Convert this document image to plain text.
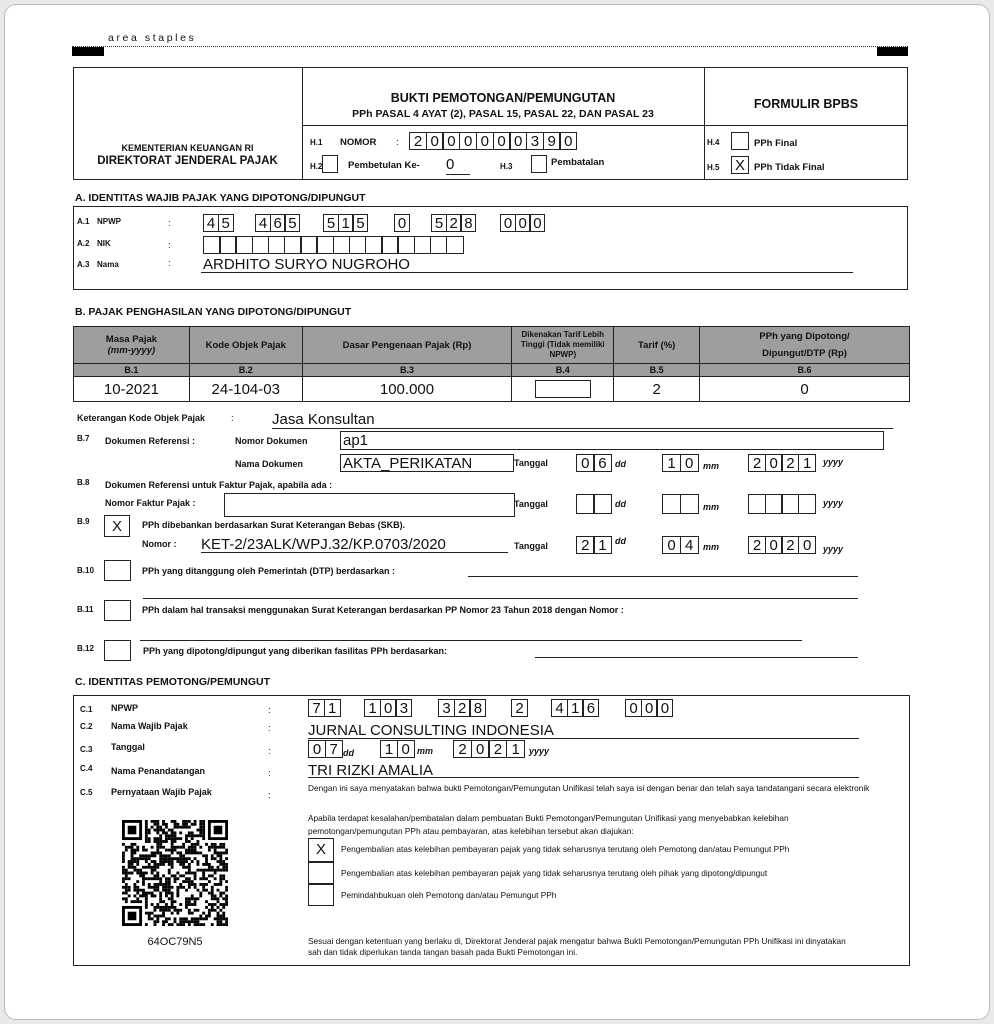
area staples
KEMENTERIAN KEUANGAN RI
DIREKTORAT JENDERAL PAJAK
BUKTI PEMOTONGAN/PEMUNGUTAN
PPh PASAL 4 AYAT (2), PASAL 15, PASAL 22, DAN PASAL 23
FORMULIR BPBS
H.1 NOMOR :	2 0 0 0 0 0 0 3 9 0
H.2	Pembetulan Ke- 0	H.3	Pembatalan
H.4	PPh Final
H.5 X PPh Tidak Final
A. IDENTITAS WAJIB PAJAK YANG DIPOTONG/DIPUNGUT
A.1 NPWP	: 4 5 4 6 5 5 1 5 0 5 2 8 0 0 0
A.2 NIK	:
A.3 Nama	: ARDHITO SURYO NUGROHO
B. PAJAK PENGHASILAN YANG DIPOTONG/DIPUNGUT
Masa Pajak
(mm-yyyy)	Kode Objek Pajak	Dasar Pengenaan Pajak (Rp)	Dikenakan Tarif Lebih Tinggi (Tidak memiliki NPWP)	Tarif (%)	PPh yang Dipotong/ Dipungut/DTP (Rp)
B.1	B.2	B.3	B.4	B.5	B.6
10-2021	24-104-03	100.000		2	0
Keterangan Kode Objek Pajak	:	Jasa Konsultan
B.7 Dokumen Referensi :	Nomor Dokumen ap1
Nama Dokumen	AKTA_PERIKATAN	Tanggal	0 6 dd	1 0	mm	2 0 2 1	yyyy
B.8 Dokumen Referensi untuk Faktur Pajak, apabila ada :
Nomor Faktur Pajak :	Tanggal	dd	mm	yyyy
B.9	X	PPh dibebankan berdasarkan Surat Keterangan Bebas (SKB).
Nomor : KET-2/23ALK/WPJ.32/KP.0703/2020	Tanggal	2 1 dd	0 4	mm	2 0 2 0	yyyy
B.10	PPh yang ditanggung oleh Pemerintah (DTP) berdasarkan :
B.11	PPh dalam hal transaksi menggunakan Surat Keterangan berdasarkan PP Nomor 23 Tahun 2018 dengan Nomor :
B.12	PPh yang dipotong/dipungut yang diberikan fasilitas PPh berdasarkan:
C. IDENTITAS PEMOTONG/PEMUNGUT
C.1 NPWP	:	7 1 1 0 3 3 2 8 2 4 1 6 0 0 0
C.2 Nama Wajib Pajak	: JURNAL CONSULTING INDONESIA
C.3 Tanggal	:	0 7 dd	1 0 mm	2 0 2 1	yyyy
C.4 Nama Penandatangan	: TRI RIZKI AMALIA
C.5 Pernyataan Wajib Pajak	:
Dengan ini saya menyatakan bahwa bukti Pemotongan/Pemungutan Unifikasi telah saya isi dengan benar dan telah saya tandatangani secara elektronik
Apabila terdapat kesalahan/pembatalan dalam pembuatan Bukti Pemotongan/Pemungutan Unifikasi yang menyebabkan kelebihan pemotongan/pemungutan PPh atau pembayaran, atas kelebihan tersebut akan diajukan:
X	Pengembalian atas kelebihan pembayaran pajak yang tidak seharusnya terutang oleh Pemotong dan/atau Pemungut PPh
Pengembalian atas kelebihan pembayaran pajak yang tidak seharusnya terutang oleh pihak yang dipotong/dipungut
Pemindahbukuan oleh Pemotong dan/atau Pemungut PPh
64OC79N5	Sesuai dengan ketentuan yang berlaku di, Direktorat Jenderal pajak mengatur bahwa Bukti Pemotongan/Pemungutan PPh Unifikasi ini dinyatakan sah dan tidak diperlukan tanda tangan basah pada Bukti Pemotongan ini.
